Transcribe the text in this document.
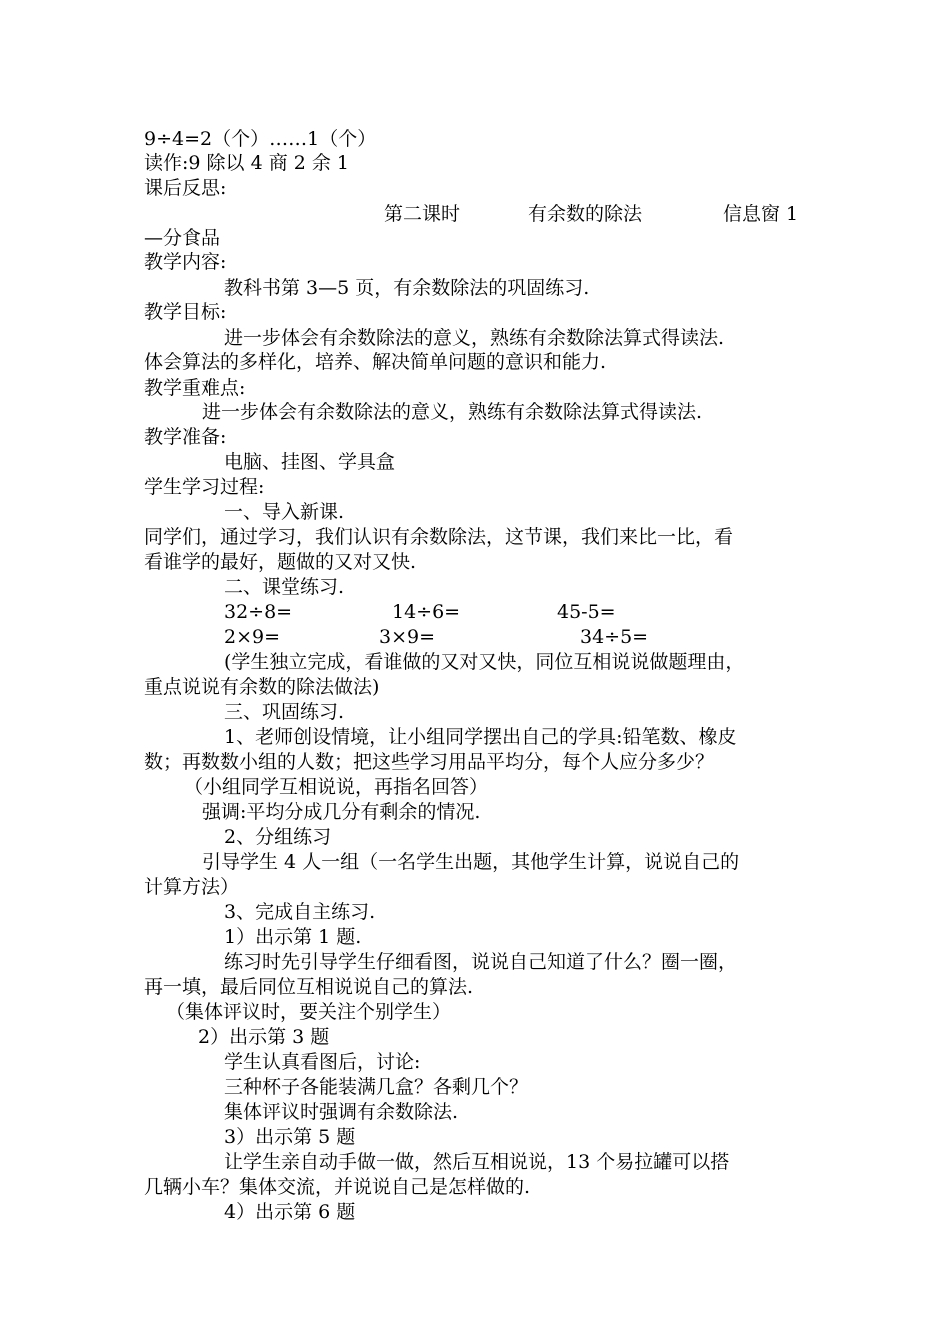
9÷4=2（个）……1（个）
读作:9 除以 4 商 2 余 1
课后反思:
第二课时	有余数的除法	信息窗 1
—分食品
教学内容:
教科书第 3—5 页，有余数除法的巩固练习.
教学目标:
进一步体会有余数除法的意义，熟练有余数除法算式得读法.
体会算法的多样化，培养、解决简单问题的意识和能力.
教学重难点:
进一步体会有余数除法的意义，熟练有余数除法算式得读法.
教学准备:
电脑、挂图、学具盒
学生学习过程:
一、导入新课.
同学们，通过学习，我们认识有余数除法，这节课，我们来比一比，看
看谁学的最好，题做的又对又快.
二、课堂练习.
32÷8=	14÷6=	45-5=
2×9=	3×9=	34÷5=
(学生独立完成，看谁做的又对又快，同位互相说说做题理由，
重点说说有余数的除法做法)
三、巩固练习.
1、老师创设情境，让小组同学摆出自己的学具:铅笔数、橡皮
数；再数数小组的人数；把这些学习用品平均分，每个人应分多少？
（小组同学互相说说，再指名回答）
强调:平均分成几分有剩余的情况.
2、分组练习
引导学生 4 人一组（一名学生出题，其他学生计算，说说自己的
计算方法）
3、完成自主练习.
1）出示第 1 题.
练习时先引导学生仔细看图，说说自己知道了什么？圈一圈，
再一填，最后同位互相说说自己的算法.
（集体评议时，要关注个别学生）
2）出示第 3 题
学生认真看图后，讨论:
三种杯子各能装满几盒？各剩几个？
集体评议时强调有余数除法.
3）出示第 5 题
让学生亲自动手做一做，然后互相说说，13 个易拉罐可以搭
几辆小车？集体交流，并说说自己是怎样做的.
4）出示第 6 题
